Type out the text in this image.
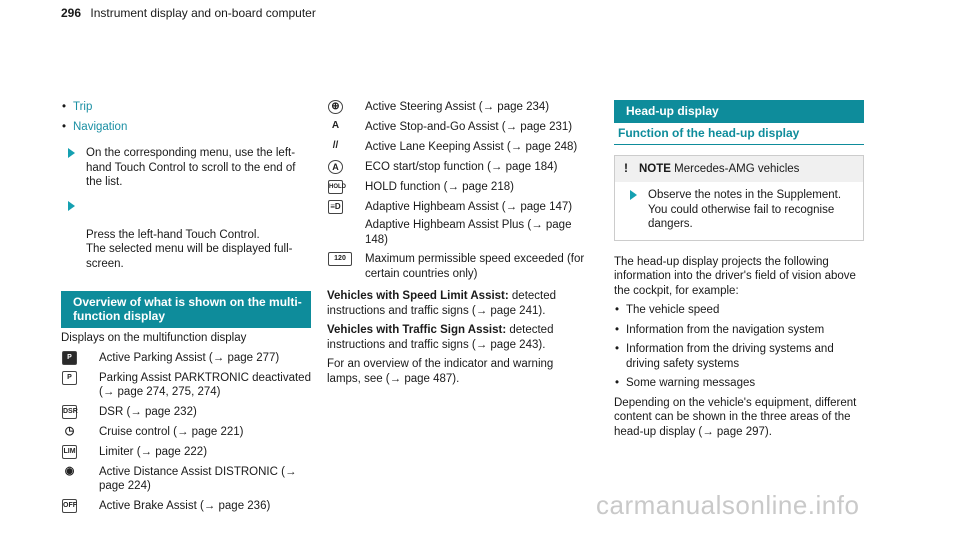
296 Instrument display and on-board computer
• Trip
• Navigation
On the corresponding menu, use the left-hand Touch Control to scroll to the end of the list.

Press the left-hand Touch Control.
The selected menu will be displayed full-screen.

Overview of what is shown on the multi-function display

Displays on the multifunction display

P	Active Parking Assist (→ page 277)
P	Parking Assist PARKTRONIC deactivated (→ page 274, 275, 274)
DSR DSR (→ page 232)
◷ Cruise control (→ page 221)
LIM Limiter (→ page 222)
◉ Active Distance Assist DISTRONIC (→ page 224)
OFF Active Brake Assist (→ page 236)
⊕ Active Steering Assist (→ page 234)
A	Active Stop-and-Go Assist (→ page 231)
//	Active Lane Keeping Assist (→ page 248)
A	ECO start/stop function (→ page 184)
HOLD HOLD function (→ page 218)
≡D Adaptive Highbeam Assist (→ page 147)
Adaptive Highbeam Assist Plus (→ page 148)
120	Maximum permissible speed exceeded (for certain countries only)

Vehicles with Speed Limit Assist: detected instructions and traffic signs (→ page 241).

Vehicles with Traffic Sign Assist: detected instructions and traffic signs (→ page 243).

For an overview of the indicator and warning lamps, see (→ page 487).

Head-up display
Function of the head-up display
! NOTE Mercedes-AMG vehicles
Observe the notes in the Supplement. You could otherwise fail to recognise dangers.

The head-up display projects the following information into the driver's field of vision above the cockpit, for example:

• The vehicle speed
• Information from the navigation system
• Information from the driving systems and driving safety systems
• Some warning messages

Depending on the vehicle's equipment, different content can be shown in the three areas of the head-up display (→ page 297).

carmanualsonline.info
